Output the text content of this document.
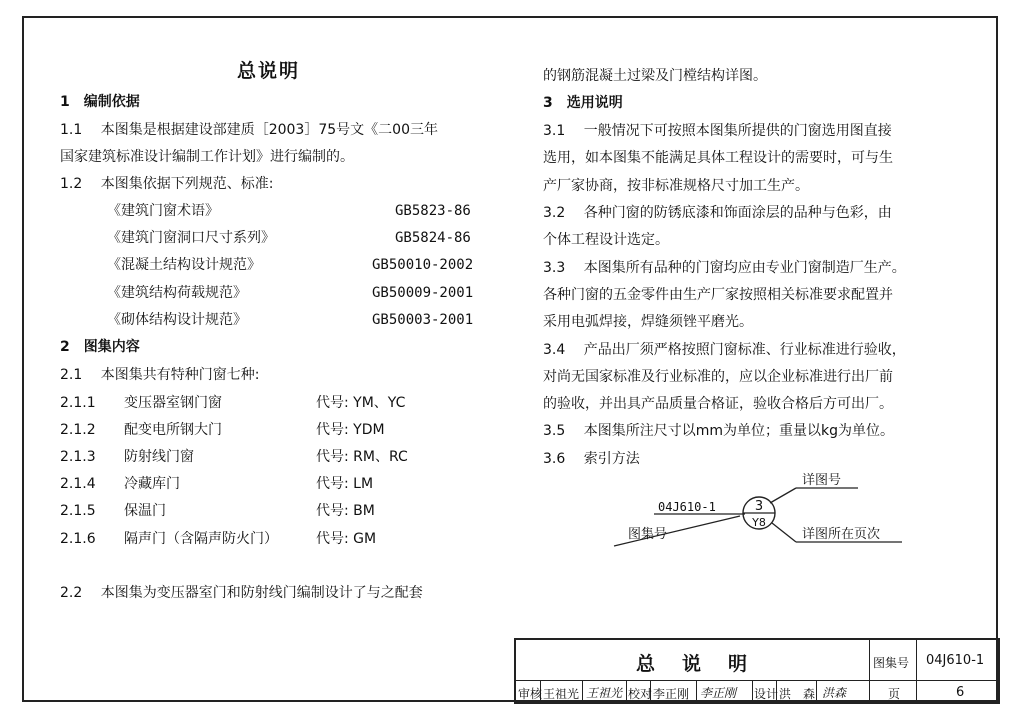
总说明
1　编制依据
1.1　 本图集是根据建设部建质［2003］75号文《二00三年
国家建筑标准设计编制工作计划》进行编制的。
1.2　 本图集依据下列规范、标准:
《建筑门窗术语》	GB5823-86
《建筑门窗洞口尺寸系列》	GB5824-86
《混凝土结构设计规范》	GB50010-2002
《建筑结构荷载规范》	GB50009-2001
《砌体结构设计规范》	GB50003-2001
2　图集内容
2.1　 本图集共有特种门窗七种:
2.1.1 变压器室钢门窗	代号: YM、YC
2.1.2 配变电所钢大门	代号: YDM
2.1.3 防射线门窗	代号: RM、RC
2.1.4 冷藏库门	代号: LM
2.1.5 保温门	代号: BM
2.1.6 隔声门（含隔声防火门）	代号: GM
2.2　 本图集为变压器室门和防射线门编制设计了与之配套
的钢筋混凝土过梁及门樘结构详图。
3　选用说明
3.1　 一般情况下可按照本图集所提供的门窗选用图直接
选用，如本图集不能满足具体工程设计的需要时，可与生
产厂家协商，按非标准规格尺寸加工生产。
3.2　 各种门窗的防锈底漆和饰面涂层的品种与色彩，由
个体工程设计选定。
3.3　 本图集所有品种的门窗均应由专业门窗制造厂生产。
各种门窗的五金零件由生产厂家按照相关标准要求配置并
采用电弧焊接，焊缝须锉平磨光。
3.4　 产品出厂须严格按照门窗标准、行业标准进行验收，
对尚无国家标准及行业标准的，应以企业标准进行出厂前
的验收，并出具产品质量合格证，验收合格后方可出厂。
3.5　 本图集所注尺寸以mm为单位；重量以kg为单位。
3.6　 索引方法
04J610-1	3
Y8
详图号
图集号	详图所在页次
总　说　明	图集号 04J610-1
审核 王祖光 王祖光 校对 李正刚 李正刚 设计 洪　森 洪森	页	6
